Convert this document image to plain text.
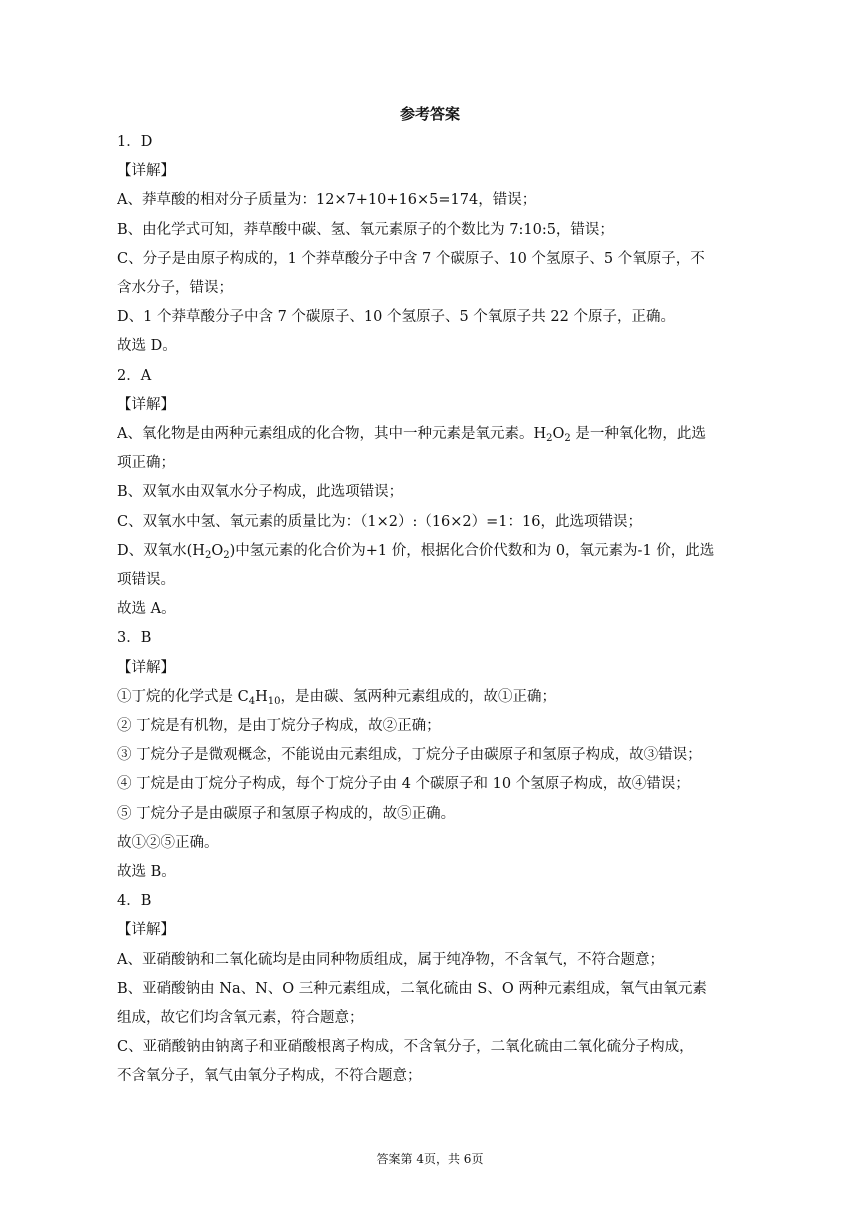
参考答案
1．D
【详解】
A、莽草酸的相对分子质量为：12×7+10+16×5=174，错误；
B、由化学式可知，莽草酸中碳、氢、氧元素原子的个数比为 7:10:5，错误；
C、分子是由原子构成的，1 个莽草酸分子中含 7 个碳原子、10 个氢原子、5 个氧原子，不
含水分子，错误；
D、1 个莽草酸分子中含 7 个碳原子、10 个氢原子、5 个氧原子共 22 个原子，正确。
故选 D。
2．A
【详解】
A、氧化物是由两种元素组成的化合物，其中一种元素是氧元素。$H_2O_2$ 是一种氧化物，此选
项正确；
B、双氧水由双氧水分子构成，此选项错误；
C、双氧水中氢、氧元素的质量比为：（1×2）:（16×2）=1：16，此选项错误；
D、双氧水$(H_2O_2)$中氢元素的化合价为+1 价，根据化合价代数和为 0，氧元素为-1 价，此选
项错误。
故选 A。
3．B
【详解】
①丁烷的化学式是 $C_4H_{10}$，是由碳、氢两种元素组成的，故①正确；
② 丁烷是有机物，是由丁烷分子构成，故②正确；
③ 丁烷分子是微观概念，不能说由元素组成，丁烷分子由碳原子和氢原子构成，故③错误；
④ 丁烷是由丁烷分子构成，每个丁烷分子由 4 个碳原子和 10 个氢原子构成，故④错误；
⑤ 丁烷分子是由碳原子和氢原子构成的，故⑤正确。
故①②⑤正确。
故选 B。
4．B
【详解】
A、亚硝酸钠和二氧化硫均是由同种物质组成，属于纯净物，不含氧气，不符合题意；
B、亚硝酸钠由 Na、N、O 三种元素组成，二氧化硫由 S、O 两种元素组成，氧气由氧元素
组成，故它们均含氧元素，符合题意；
C、亚硝酸钠由钠离子和亚硝酸根离子构成，不含氧分子，二氧化硫由二氧化硫分子构成，
不含氧分子，氧气由氧分子构成，不符合题意；
答案第 4页，共 6页
